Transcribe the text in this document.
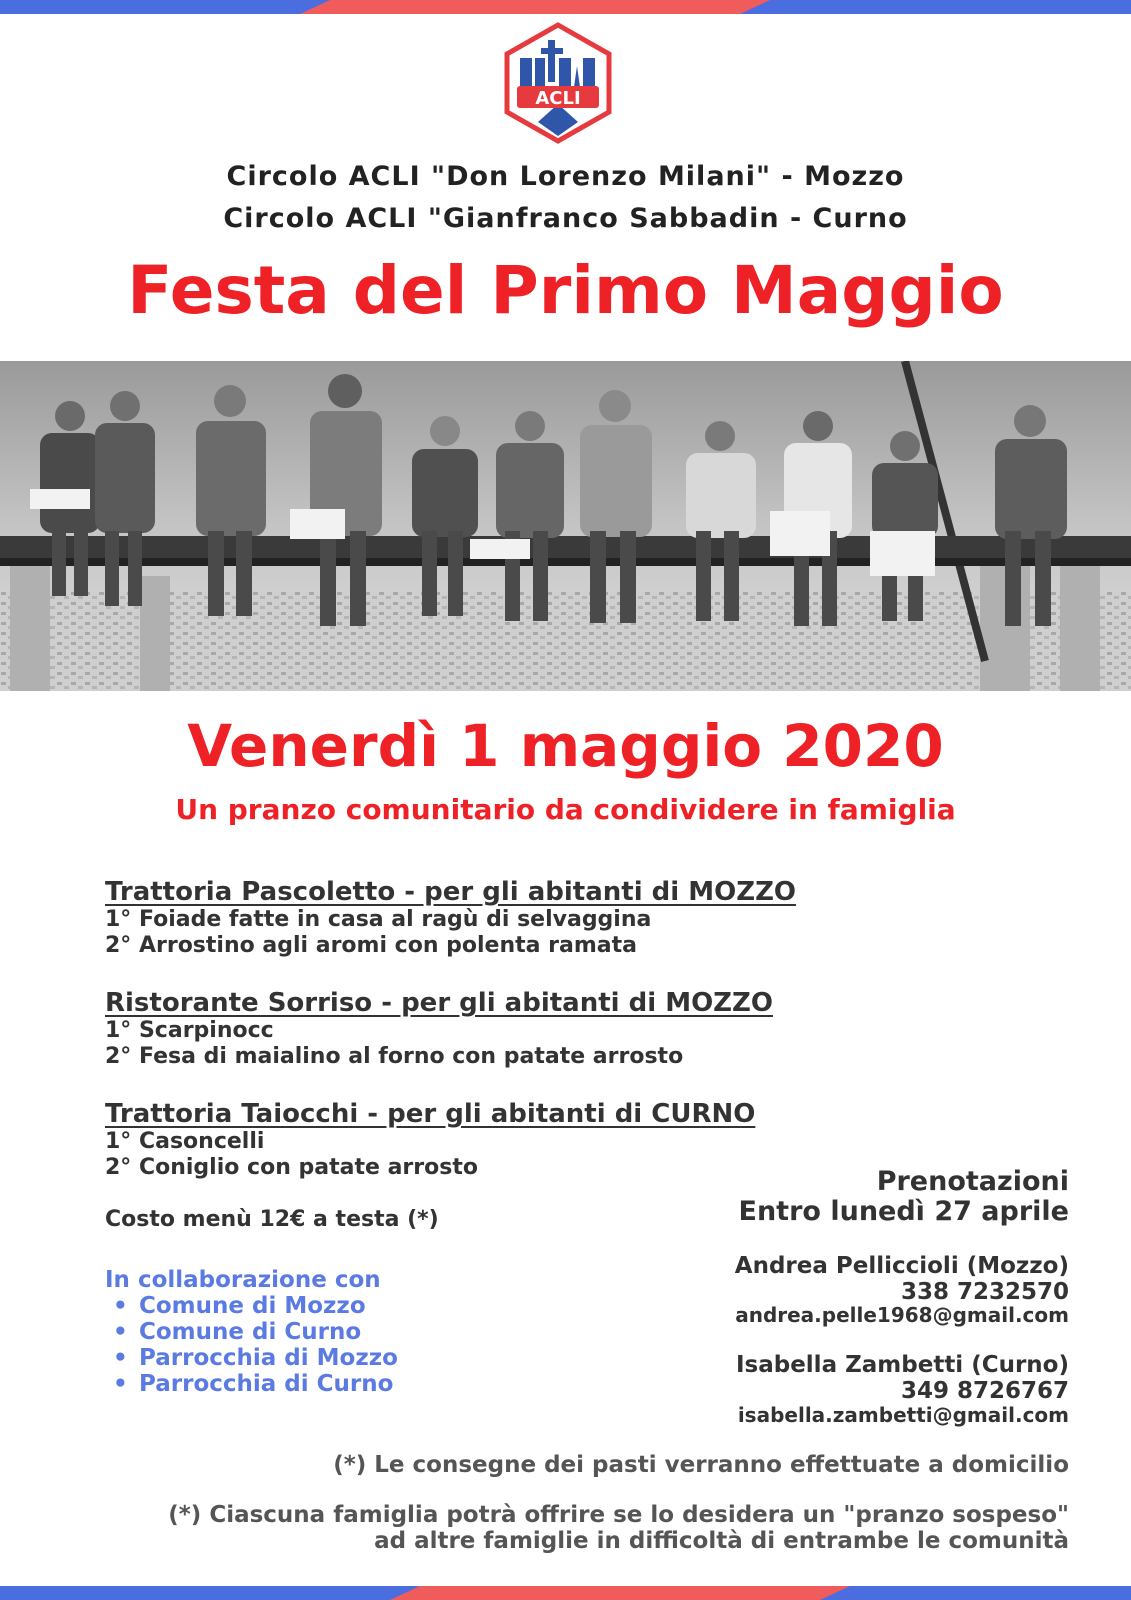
ACLI
Circolo ACLI "Don Lorenzo Milani" - Mozzo
Circolo ACLI "Gianfranco Sabbadin - Curno
Festa del Primo Maggio
Venerdì 1 maggio 2020
Un pranzo comunitario da condividere in famiglia
Trattoria Pascoletto - per gli abitanti di MOZZO
1° Foiade fatte in casa al ragù di selvaggina
2° Arrostino agli aromi con polenta ramata
Ristorante Sorriso - per gli abitanti di MOZZO
1° Scarpinocc
2° Fesa di maialino al forno con patate arrosto
Trattoria Taiocchi - per gli abitanti di CURNO
1° Casoncelli
2° Coniglio con patate arrosto
Costo menù 12€ a testa (*)
In collaborazione con
• Comune di Mozzo
• Comune di Curno
• Parrocchia di Mozzo
• Parrocchia di Curno
Prenotazioni
Entro lunedì 27 aprile
Andrea Pellicciolі (Mozzo)
338 7232570
andrea.pelle1968@gmail.com
Isabella Zambetti (Curno)
349 8726767
isabella.zambetti@gmail.com
(*) Le consegne dei pasti verranno effettuate a domicilio
(*) Ciascuna famiglia potrà offrire se lo desidera un "pranzo sospeso"
ad altre famiglie in difficoltà di entrambe le comunità
